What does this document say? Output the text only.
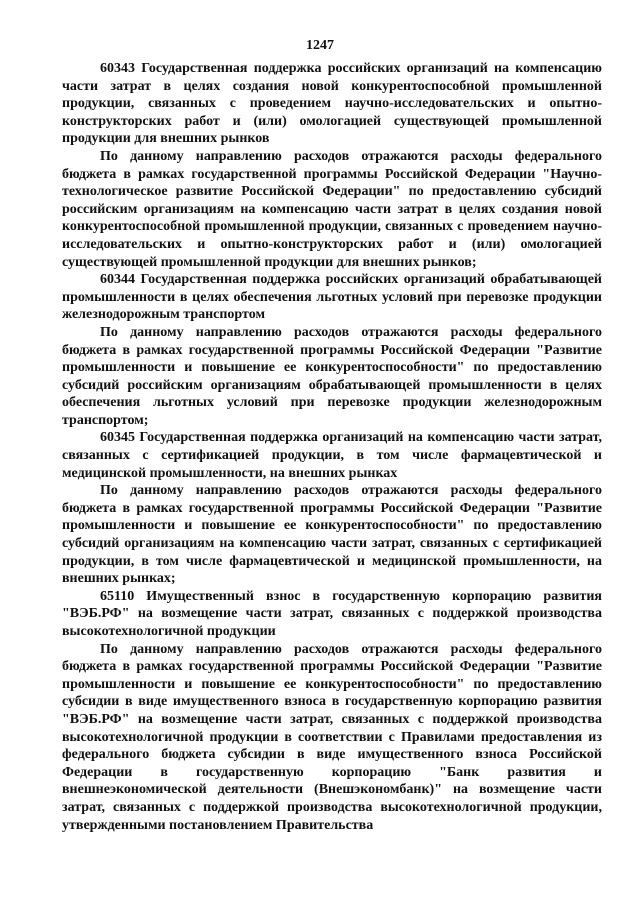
1247

60343 Государственная поддержка российских организаций на компенсацию части затрат в целях создания новой конкурентоспособной промышленной продукции, связанных с проведением научно-исследовательских и опытно-конструкторских работ и (или) омологацией существующей промышленной продукции для внешних рынков

По данному направлению расходов отражаются расходы федерального бюджета в рамках государственной программы Российской Федерации "Научно-технологическое развитие Российской Федерации" по предоставлению субсидий российским организациям на компенсацию части затрат в целях создания новой конкурентоспособной промышленной продукции, связанных с проведением научно-исследовательских и опытно-конструкторских работ и (или) омологацией существующей промышленной продукции для внешних рынков;

60344 Государственная поддержка российских организаций обрабатывающей промышленности в целях обеспечения льготных условий при перевозке продукции железнодорожным транспортом

По данному направлению расходов отражаются расходы федерального бюджета в рамках государственной программы Российской Федерации "Развитие промышленности и повышение ее конкурентоспособности" по предоставлению субсидий российским организациям обрабатывающей промышленности в целях обеспечения льготных условий при перевозке продукции железнодорожным транспортом;

60345 Государственная поддержка организаций на компенсацию части затрат, связанных с сертификацией продукции, в том числе фармацевтической и медицинской промышленности, на внешних рынках

По данному направлению расходов отражаются расходы федерального бюджета в рамках государственной программы Российской Федерации "Развитие промышленности и повышение ее конкурентоспособности" по предоставлению субсидий организациям на компенсацию части затрат, связанных с сертификацией продукции, в том числе фармацевтической и медицинской промышленности, на внешних рынках;

65110 Имущественный взнос в государственную корпорацию развития "ВЭБ.РФ" на возмещение части затрат, связанных с поддержкой производства высокотехнологичной продукции

По данному направлению расходов отражаются расходы федерального бюджета в рамках государственной программы Российской Федерации "Развитие промышленности и повышение ее конкурентоспособности" по предоставлению субсидии в виде имущественного взноса в государственную корпорацию развития "ВЭБ.РФ" на возмещение части затрат, связанных с поддержкой производства высокотехнологичной продукции в соответствии с Правилами предоставления из федерального бюджета субсидии в виде имущественного взноса Российской Федерации в государственную корпорацию "Банк развития и внешнеэкономической деятельности (Внешэкономбанк)" на возмещение части затрат, связанных с поддержкой производства высокотехнологичной продукции, утвержденными постановлением Правительства
